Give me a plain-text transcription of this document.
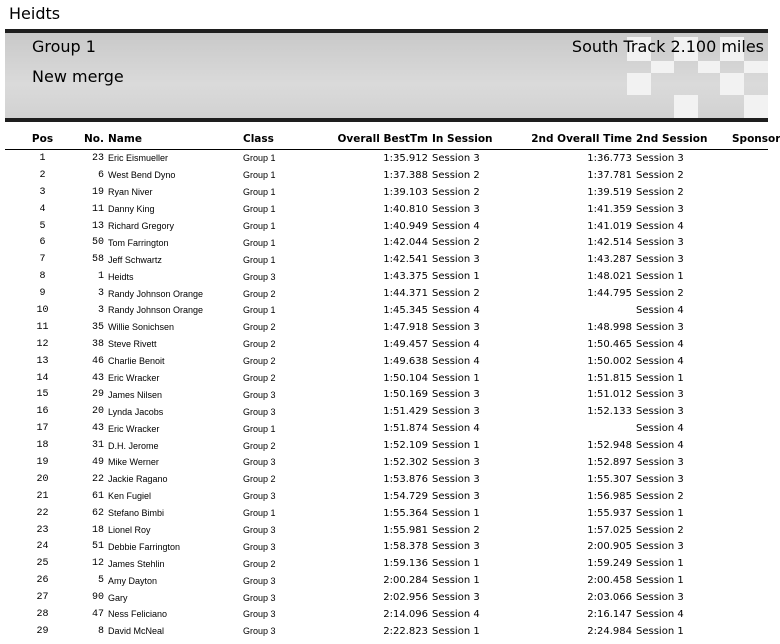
Heidts
Group 1
New merge
South Track 2.100 miles
Pos	No.	Name	Class	Overall BestTm	In Session	2nd Overall Time	2nd Session	Sponsor
1	23	Eric Eismueller	Group 1	1:35.912	Session 3	1:36.773	Session 3	
2	6	West Bend Dyno	Group 1	1:37.388	Session 2	1:37.781	Session 2	
3	19	Ryan Niver	Group 1	1:39.103	Session 2	1:39.519	Session 2	
4	11	Danny King	Group 1	1:40.810	Session 3	1:41.359	Session 3	
5	13	Richard Gregory	Group 1	1:40.949	Session 4	1:41.019	Session 4	
6	50	Tom Farrington	Group 1	1:42.044	Session 2	1:42.514	Session 3	
7	58	Jeff Schwartz	Group 1	1:42.541	Session 3	1:43.287	Session 3	
8	1	Heidts	Group 3	1:43.375	Session 1	1:48.021	Session 1	
9	3	Randy Johnson Orange	Group 2	1:44.371	Session 2	1:44.795	Session 2	
10	3	Randy Johnson Orange	Group 1	1:45.345	Session 4		Session 4	
11	35	Willie Sonichsen	Group 2	1:47.918	Session 3	1:48.998	Session 3	
12	38	Steve Rivett	Group 2	1:49.457	Session 4	1:50.465	Session 4	
13	46	Charlie Benoit	Group 2	1:49.638	Session 4	1:50.002	Session 4	
14	43	Eric Wracker	Group 2	1:50.104	Session 1	1:51.815	Session 1	
15	29	James Nilsen	Group 3	1:50.169	Session 3	1:51.012	Session 3	
16	20	Lynda Jacobs	Group 3	1:51.429	Session 3	1:52.133	Session 3	
17	43	Eric Wracker	Group 1	1:51.874	Session 4		Session 4	
18	31	D.H. Jerome	Group 2	1:52.109	Session 1	1:52.948	Session 4	
19	49	Mike Werner	Group 3	1:52.302	Session 3	1:52.897	Session 3	
20	22	Jackie Ragano	Group 2	1:53.876	Session 3	1:55.307	Session 3	
21	61	Ken Fugiel	Group 3	1:54.729	Session 3	1:56.985	Session 2	
22	62	Stefano Bimbi	Group 1	1:55.364	Session 1	1:55.937	Session 1	
23	18	Lionel Roy	Group 3	1:55.981	Session 2	1:57.025	Session 2	
24	51	Debbie Farrington	Group 3	1:58.378	Session 3	2:00.905	Session 3	
25	12	James Stehlin	Group 2	1:59.136	Session 1	1:59.249	Session 1	
26	5	Amy Dayton	Group 3	2:00.284	Session 1	2:00.458	Session 1	
27	90	Gary	Group 3	2:02.956	Session 3	2:03.066	Session 3	
28	47	Ness Feliciano	Group 3	2:14.096	Session 4	2:16.147	Session 4	
29	8	David McNeal	Group 3	2:22.823	Session 1	2:24.984	Session 1	
